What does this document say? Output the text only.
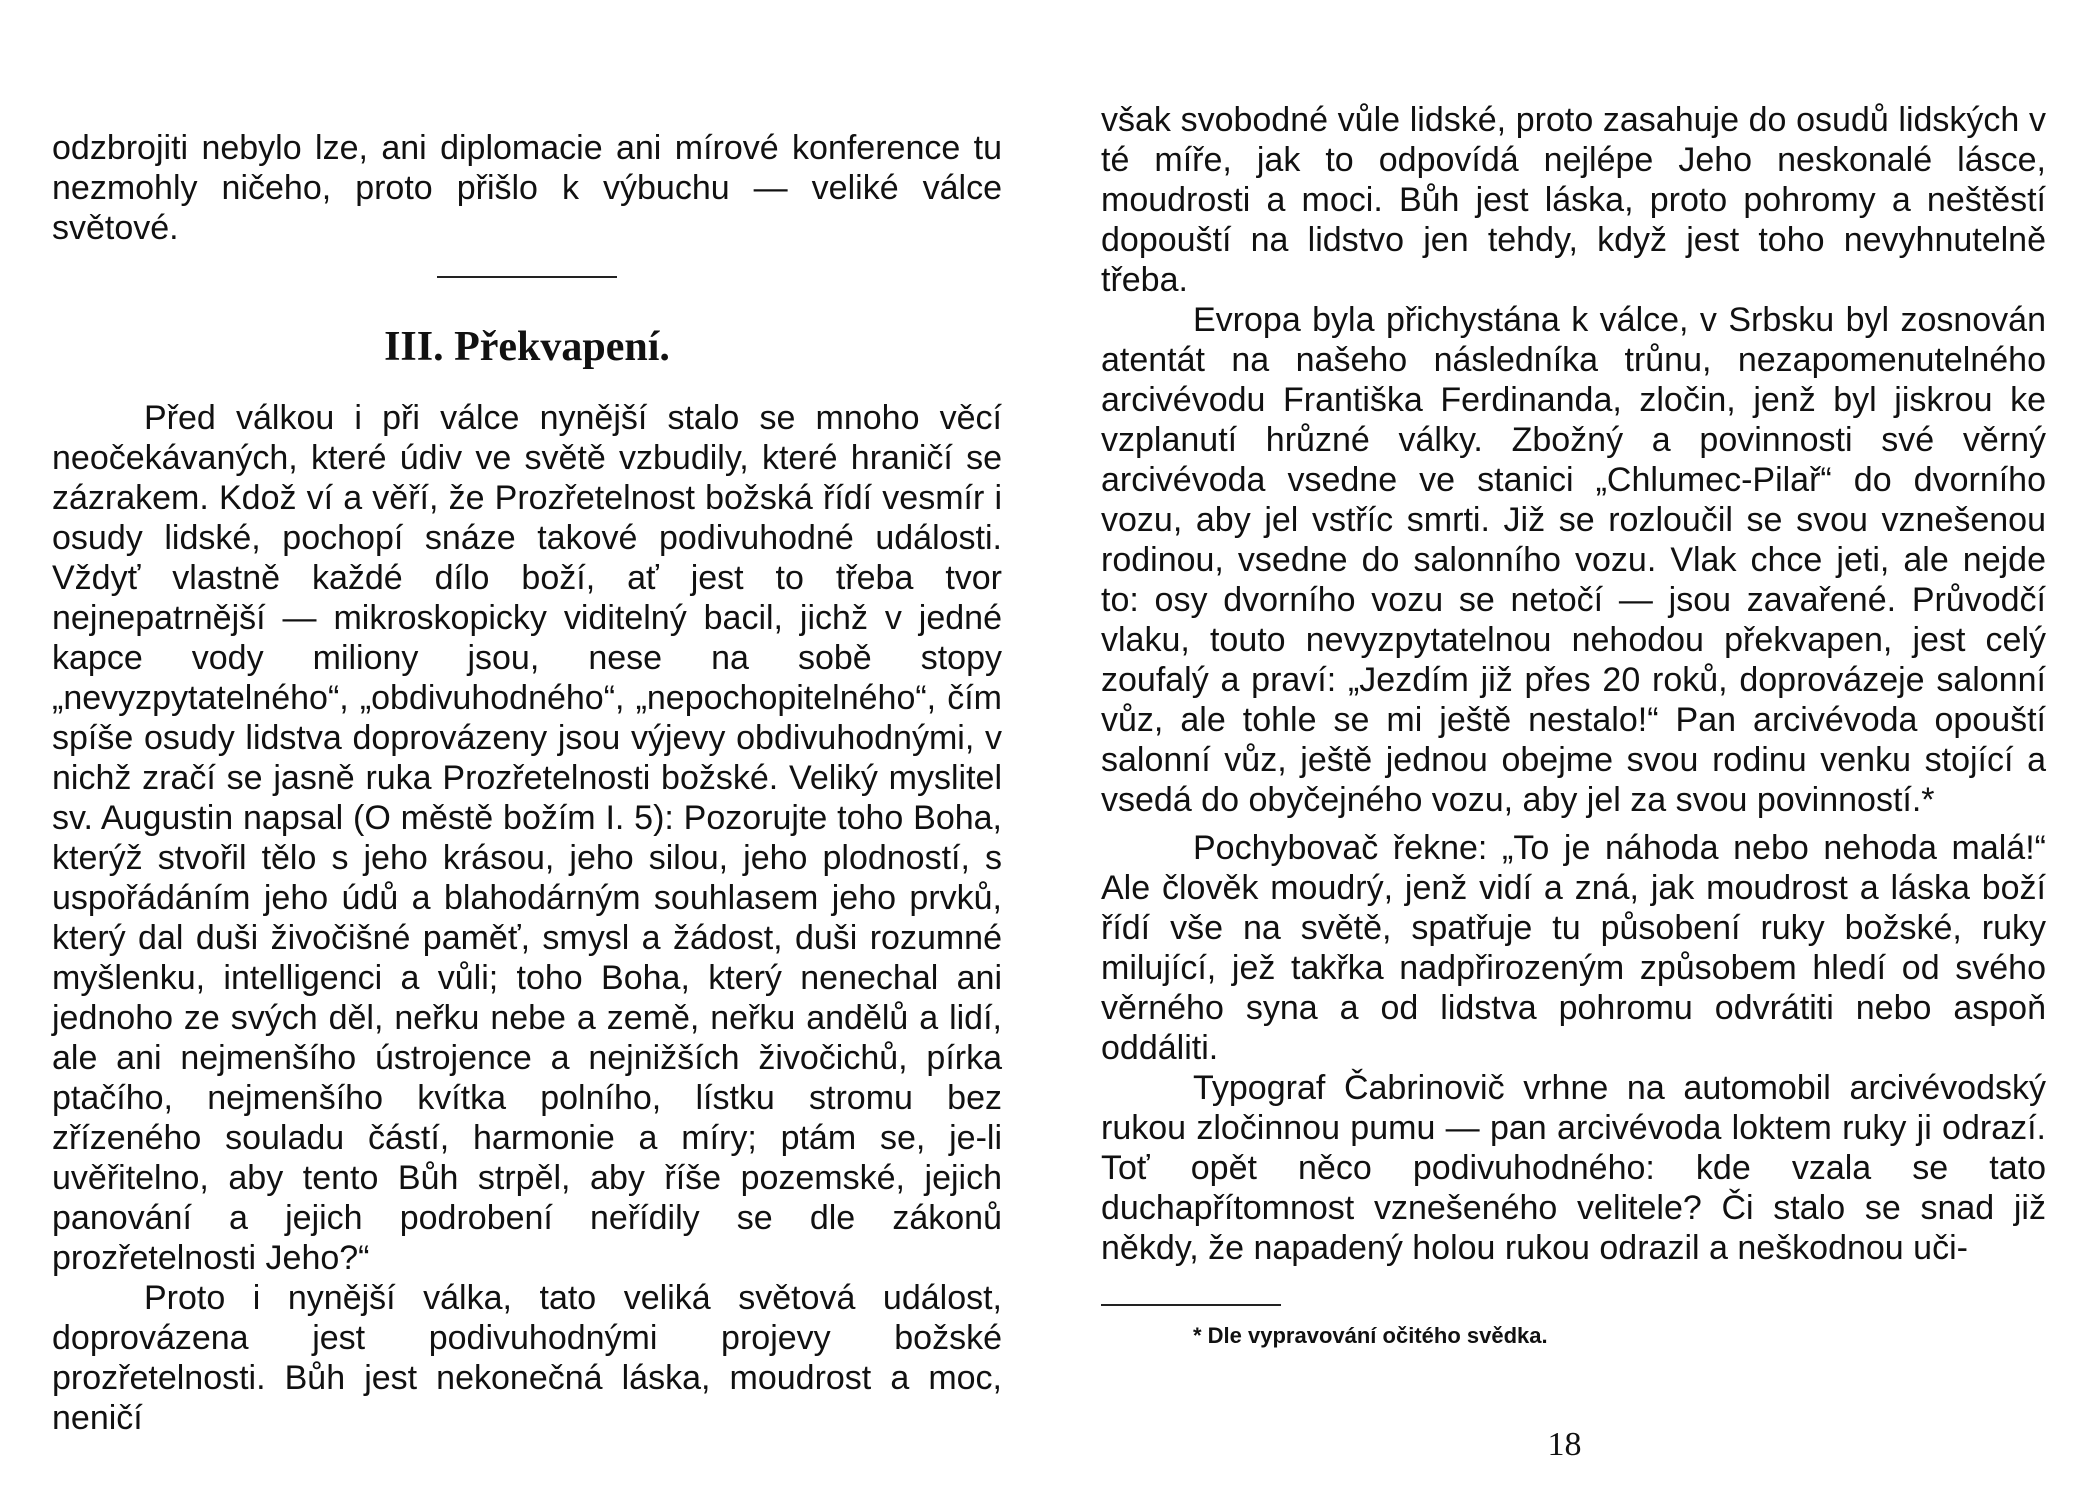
odzbrojiti nebylo lze, ani diplomacie ani mírové konference tu nezmohly ničeho, proto přišlo k výbuchu — veliké válce světové.

III. Překvapení.

Před válkou i při válce nynější stalo se mnoho věcí neočekávaných, které údiv ve světě vzbudily, které hraničí se zázrakem. Kdož ví a věří, že Prozřetelnost božská řídí vesmír i osudy lidské, pochopí snáze takové podivuhodné události. Vždyť vlastně každé dílo boží, ať jest to třeba tvor nejnepatrnější — mikroskopicky viditelný bacil, jichž v jedné kapce vody miliony jsou, nese na sobě stopy „nevyzpytatelného“, „obdivuhodného“, „nepochopitelného“, čím spíše osudy lidstva doprovázeny jsou výjevy obdivuhodnými, v nichž zračí se jasně ruka Prozřetelnosti božské. Veliký myslitel sv. Augustin napsal (O městě božím I. 5): Pozorujte toho Boha, kterýž stvořil tělo s jeho krásou, jeho silou, jeho plodností, s uspořádáním jeho údů a blahodárným souhlasem jeho prvků, který dal duši živočišné paměť, smysl a žádost, duši rozumné myšlenku, intelligenci a vůli; toho Boha, který nenechal ani jednoho ze svých děl, neřku nebe a země, neřku andělů a lidí, ale ani nejmenšího ústrojence a nejnižších živočichů, pírka ptačího, nejmenšího kvítka polního, lístku stromu bez zřízeného souladu částí, harmonie a míry; ptám se, je-li uvěřitelno, aby tento Bůh strpěl, aby říše pozemské, jejich panování a jejich podrobení neřídily se dle zákonů prozřetelnosti Jeho?“

Proto i nynější válka, tato veliká světová událost, doprovázena jest podivuhodnými projevy božské prozřetelnosti. Bůh jest nekonečná láska, moudrost a moc, neničí

však svobodné vůle lidské, proto zasahuje do osudů lidských v té míře, jak to odpovídá nejlépe Jeho neskonalé lásce, moudrosti a moci. Bůh jest láska, proto pohromy a neštěstí dopouští na lidstvo jen tehdy, když jest toho nevyhnutelně třeba.

Evropa byla přichystána k válce, v Srbsku byl zosnován atentát na našeho následníka trůnu, nezapomenutelného arcivévodu Františka Ferdinanda, zločin, jenž byl jiskrou ke vzplanutí hrůzné války. Zbožný a povinnosti své věrný arcivévoda vsedne ve stanici „Chlumec-Pilař“ do dvorního vozu, aby jel vstříc smrti. Již se rozloučil se svou vznešenou rodinou, vsedne do salonního vozu. Vlak chce jeti, ale nejde to: osy dvorního vozu se netočí — jsou zavařené. Průvodčí vlaku, touto nevyzpytatelnou nehodou překvapen, jest celý zoufalý a praví: „Jezdím již přes 20 roků, doprovázeje salonní vůz, ale tohle se mi ještě nestalo!“ Pan arcivévoda opouští salonní vůz, ještě jednou obejme svou rodinu venku stojící a vsedá do obyčejného vozu, aby jel za svou povinností.*

Pochybovač řekne: „To je náhoda nebo nehoda malá!“ Ale člověk moudrý, jenž vidí a zná, jak moudrost a láska boží řídí vše na světě, spatřuje tu působení ruky božské, ruky milující, jež takřka nadpřirozeným způsobem hledí od svého věrného syna a od lidstva pohromu odvrátiti nebo aspoň oddáliti.

Typograf Čabrinovič vrhne na automobil arcivévodský rukou zločinnou pumu — pan arcivévoda loktem ruky ji odrazí. Toť opět něco podivuhodného: kde vzala se tato duchapřítomnost vznešeného velitele? Či stalo se snad již někdy, že napadený holou rukou odrazil a neškodnou uči-

* Dle vypravování očitého svědka.
18
